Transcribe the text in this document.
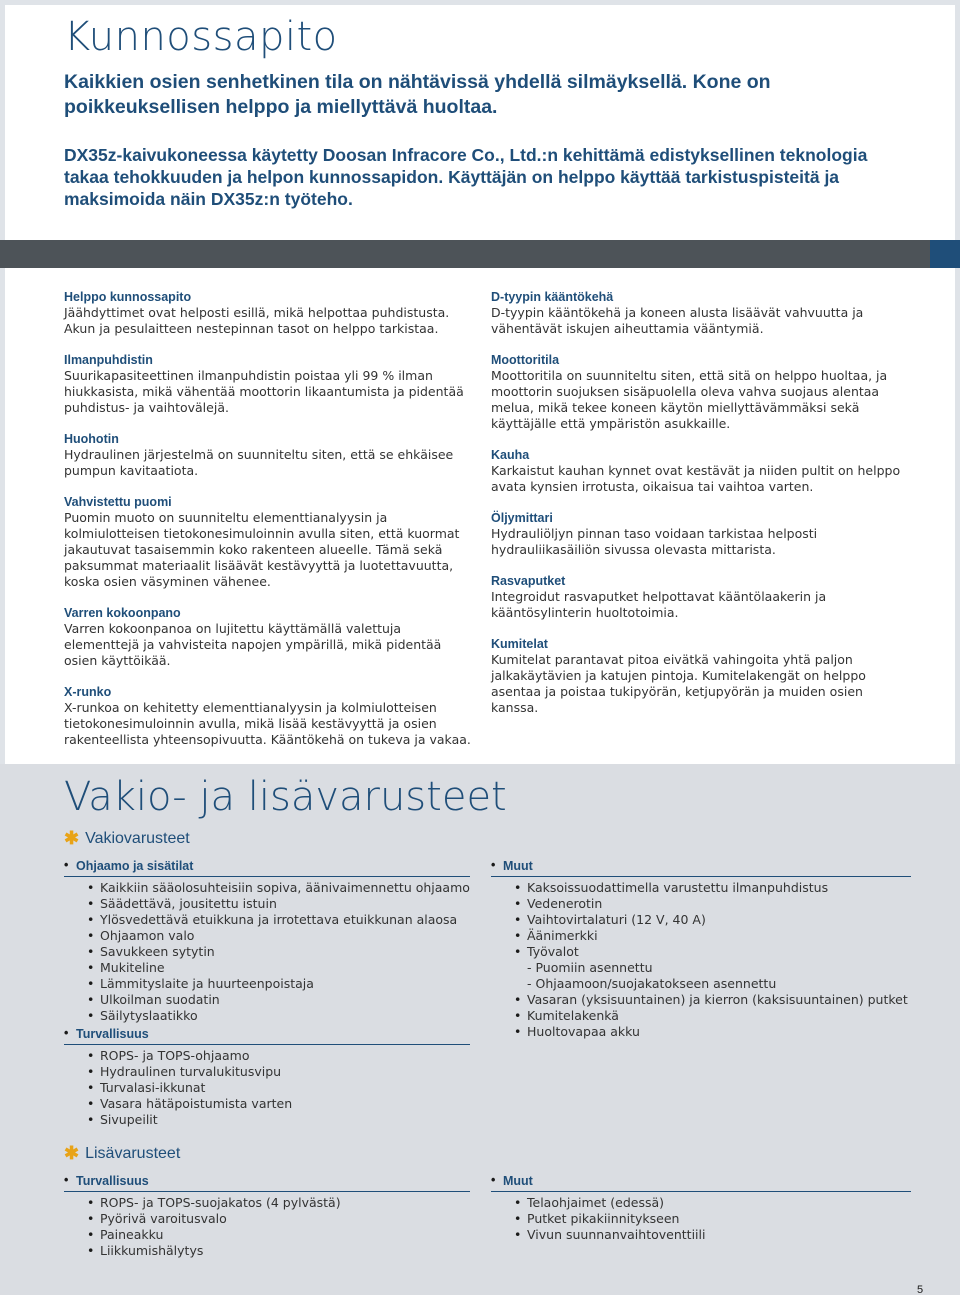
Kunnossapito
Kaikkien osien senhetkinen tila on nähtävissä yhdellä silmäyksellä. Kone on poikkeuksellisen helppo ja miellyttävä huoltaa.
DX35z-kaivukoneessa käytetty Doosan Infracore Co., Ltd.:n kehittämä edistyksellinen teknologia takaa tehokkuuden ja helpon kunnossapidon. Käyttäjän on helppo käyttää tarkistuspisteitä ja maksimoida näin DX35z:n työteho.
Helppo kunnossapito

Jäähdyttimet ovat helposti esillä, mikä helpottaa puhdistusta. Akun ja pesulaitteen nestepinnan tasot on helppo tarkistaa.

Ilmanpuhdistin

Suurikapasiteettinen ilmanpuhdistin poistaa yli 99 % ilman hiukkasista, mikä vähentää moottorin likaantumista ja pidentää puhdistus- ja vaihtovälejä.

Huohotin

Hydraulinen järjestelmä on suunniteltu siten, että se ehkäisee pumpun kavitaatiota.

Vahvistettu puomi

Puomin muoto on suunniteltu elementtianalyysin ja kolmiulotteisen tietokonesimuloinnin avulla siten, että kuormat jakautuvat tasaisemmin koko rakenteen alueelle. Tämä sekä paksummat materiaalit lisäävät kestävyyttä ja luotettavuutta, koska osien väsyminen vähenee.

Varren kokoonpano

Varren kokoonpanoa on lujitettu käyttämällä valettuja elementtejä ja vahvisteita napojen ympärillä, mikä pidentää osien käyttöikää.

X-runko

X-runkoa on kehitetty elementtianalyysin ja kolmiulotteisen tietokonesimuloinnin avulla, mikä lisää kestävyyttä ja osien rakenteellista yhteensopivuutta. Kääntökehä on tukeva ja vakaa.

D-tyypin kääntökehä

D-tyypin kääntökehä ja koneen alusta lisäävät vahvuutta ja vähentävät iskujen aiheuttamia vääntymiä.

Moottoritila

Moottoritila on suunniteltu siten, että sitä on helppo huoltaa, ja moottorin suojuksen sisäpuolella oleva vahva suojaus alentaa melua, mikä tekee koneen käytön miellyttävämmäksi sekä käyttäjälle että ympäristön asukkaille.

Kauha

Karkaistut kauhan kynnet ovat kestävät ja niiden pultit on helppo avata kynsien irrotusta, oikaisua tai vaihtoa varten.

Öljymittari

Hydrauliöljyn pinnan taso voidaan tarkistaa helposti hydrauliikasäiliön sivussa olevasta mittarista.

Rasvaputket

Integroidut rasvaputket helpottavat kääntölaakerin ja kääntösylinterin huoltotoimia.

Kumitelat

Kumitelat parantavat pitoa eivätkä vahingoita yhtä paljon jalkakäytävien ja katujen pintoja. Kumitelakengät on helppo asentaa ja poistaa tukipyörän, ketjupyörän ja muiden osien kanssa.

Vakio- ja lisävarusteet
✱ Vakiovarusteet
• Ohjaamo ja sisätilat
• Kaikkiin sääolosuhteisiin sopiva, äänivaimennettu ohjaamo
• Säädettävä, jousitettu istuin
• Ylösvedettävä etuikkuna ja irrotettava etuikkunan alaosa
• Ohjaamon valo
• Savukkeen sytytin
• Mukiteline
• Lämmityslaite ja huurteenpoistaja
• Ulkoilman suodatin
• Säilytyslaatikko
• Turvallisuus
• ROPS- ja TOPS-ohjaamo
• Hydraulinen turvalukitusvipu
• Turvalasi-ikkunat
• Vasara hätäpoistumista varten
• Sivupeilit
• Muut
• Kaksoissuodattimella varustettu ilmanpuhdistus
• Vedenerotin
• Vaihtovirtalaturi (12 V, 40 A)
• Äänimerkki
• Työvalot
- Puomiin asennettu
- Ohjaamoon/suojakatokseen asennettu
• Vasaran (yksisuuntainen) ja kierron (kaksisuuntainen) putket
• Kumitelakenkä
• Huoltovapaa akku
✱ Lisävarusteet
• Turvallisuus
• ROPS- ja TOPS-suojakatos (4 pylvästä)
• Pyörivä varoitusvalo
• Paineakku
• Liikkumishälytys
• Muut
• Telaohjaimet (edessä)
• Putket pikakiinnitykseen
• Vivun suunnanvaihtoventtiili
5
